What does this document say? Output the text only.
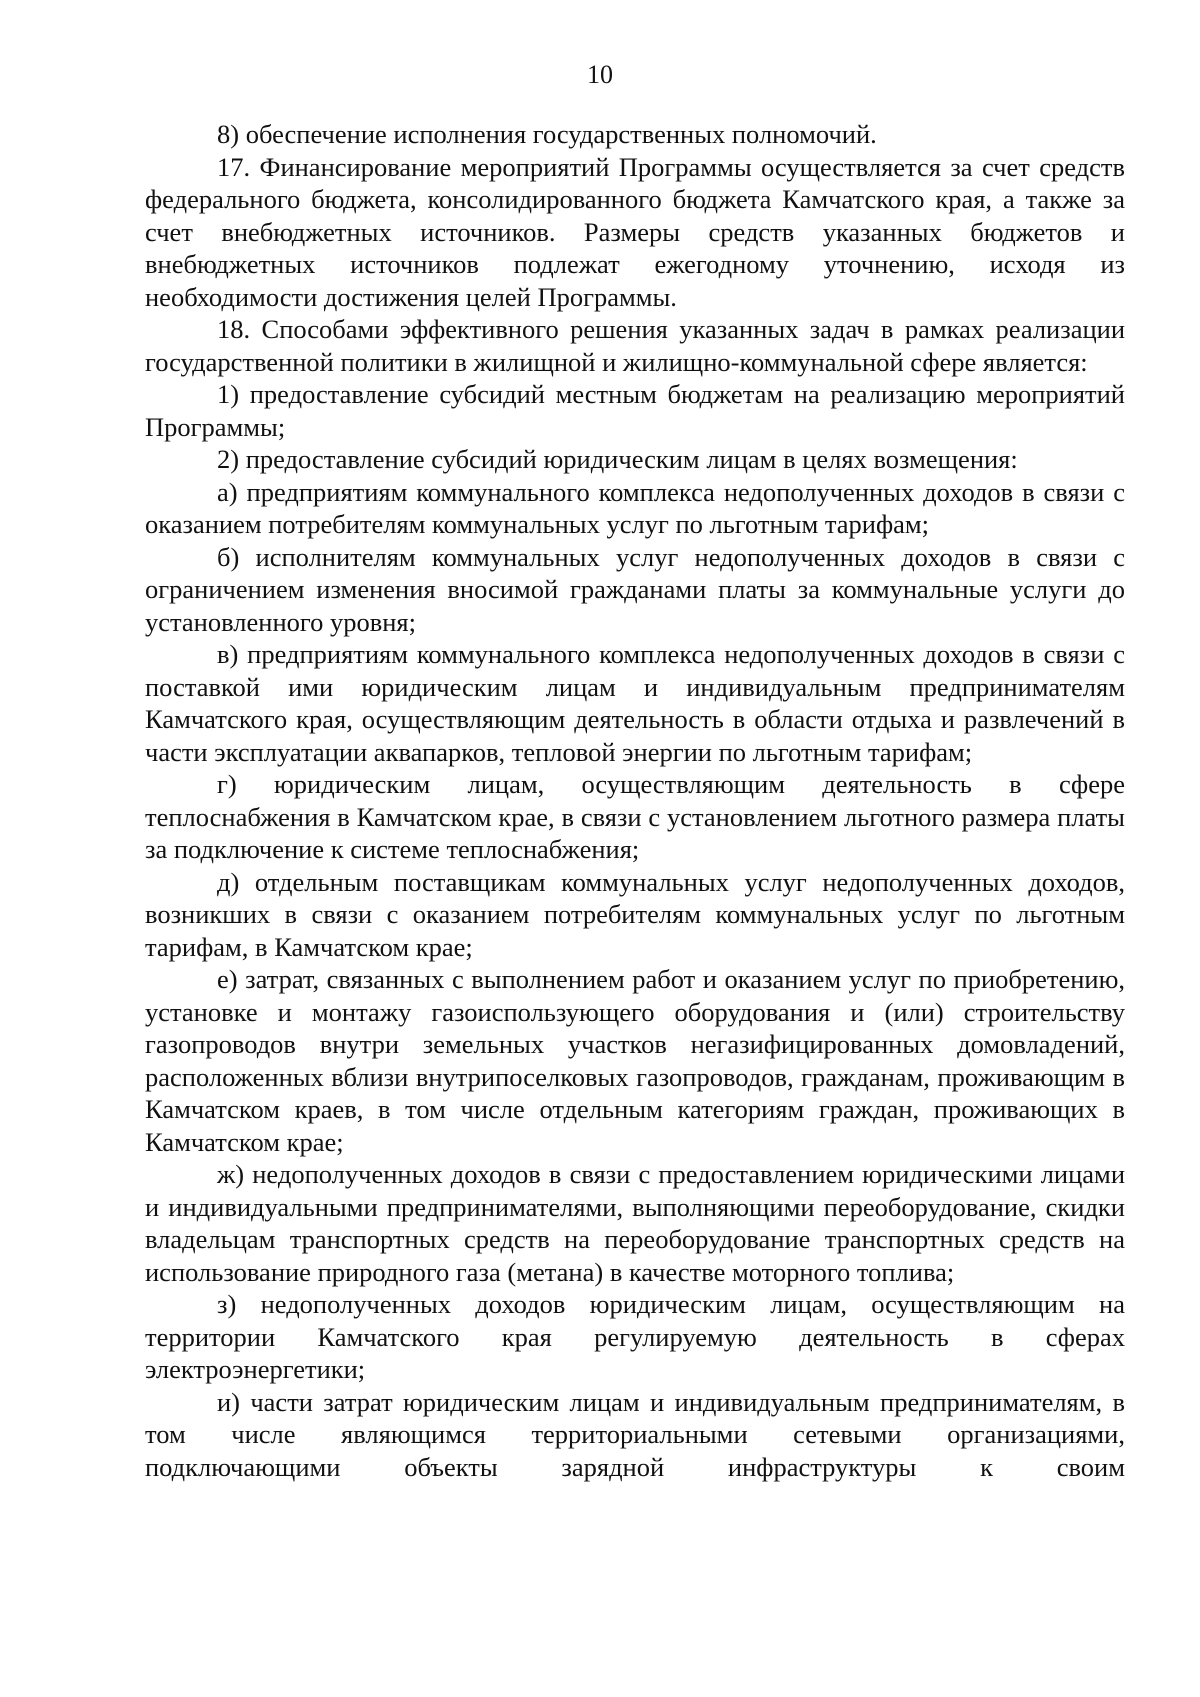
10

8) обеспечение исполнения государственных полномочий.

17. Финансирование мероприятий Программы осуществляется за счет средств федерального бюджета, консолидированного бюджета Камчатского края, а также за счет внебюджетных источников. Размеры средств указанных бюджетов и внебюджетных источников подлежат ежегодному уточнению, исходя из необходимости достижения целей Программы.

18. Способами эффективного решения указанных задач в рамках реализации государственной политики в жилищной и жилищно-коммунальной сфере является:

1) предоставление субсидий местным бюджетам на реализацию мероприятий Программы;

2) предоставление субсидий юридическим лицам в целях возмещения:

а) предприятиям коммунального комплекса недополученных доходов в связи с оказанием потребителям коммунальных услуг по льготным тарифам;

б) исполнителям коммунальных услуг недополученных доходов в связи с ограничением изменения вносимой гражданами платы за коммунальные услуги до установленного уровня;

в) предприятиям коммунального комплекса недополученных доходов в связи с поставкой ими юридическим лицам и индивидуальным предпринимателям Камчатского края, осуществляющим деятельность в области отдыха и развлечений в части эксплуатации аквапарков, тепловой энергии по льготным тарифам;

г) юридическим лицам, осуществляющим деятельность в сфере теплоснабжения в Камчатском крае, в связи с установлением льготного размера платы за подключение к системе теплоснабжения;

д) отдельным поставщикам коммунальных услуг недополученных доходов, возникших в связи с оказанием потребителям коммунальных услуг по льготным тарифам, в Камчатском крае;

е) затрат, связанных с выполнением работ и оказанием услуг по приобретению, установке и монтажу газоиспользующего оборудования и (или) строительству газопроводов внутри земельных участков негазифицированных домовладений, расположенных вблизи внутрипоселковых газопроводов, гражданам, проживающим в Камчатском краев, в том числе отдельным категориям граждан, проживающих в Камчатском крае;

ж) недополученных доходов в связи с предоставлением юридическими лицами и индивидуальными предпринимателями, выполняющими переоборудование, скидки владельцам транспортных средств на переоборудование транспортных средств на использование природного газа (метана) в качестве моторного топлива;

з) недополученных доходов юридическим лицам, осуществляющим на территории Камчатского края регулируемую деятельность в сферах электроэнергетики;

и) части затрат юридическим лицам и индивидуальным предпринимателям, в том числе являющимся территориальными сетевыми организациями, подключающими объекты зарядной инфраструктуры к своим
